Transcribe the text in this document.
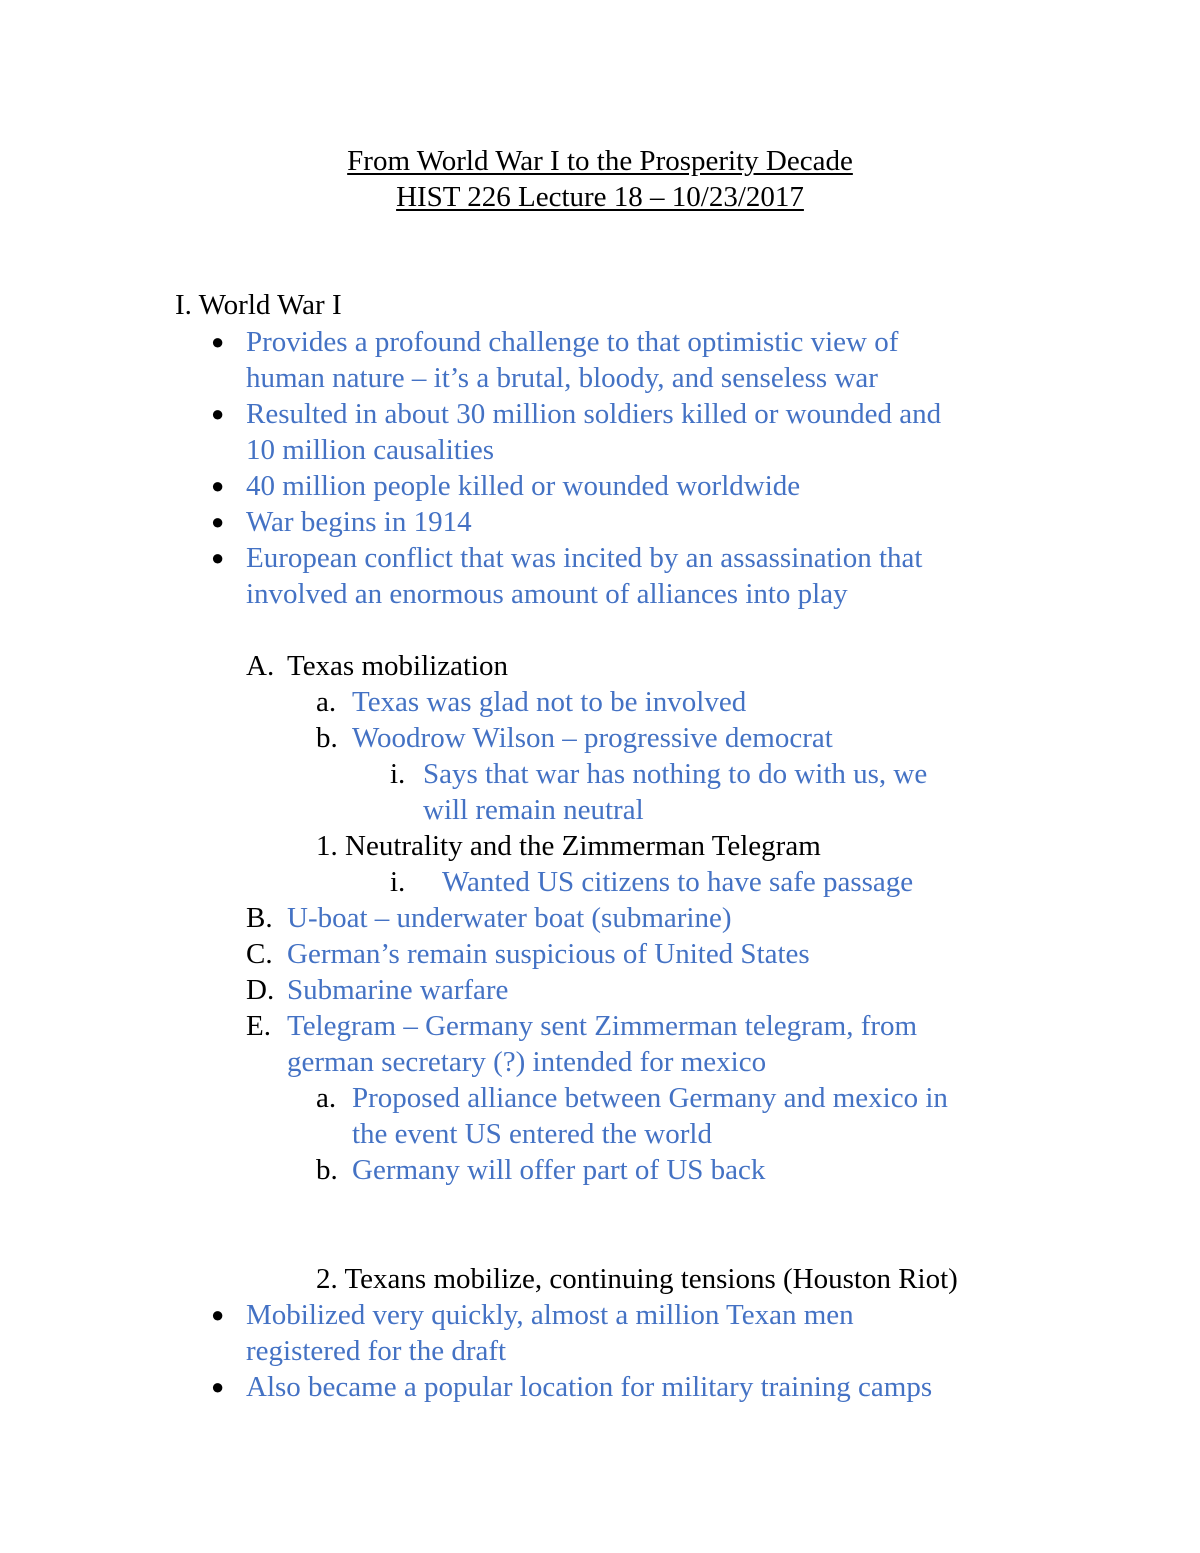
From World War I to the Prosperity Decade
HIST 226 Lecture 18 – 10/23/2017
I. World War I
● Provides a profound challenge to that optimistic view of
human nature – it’s a brutal, bloody, and senseless war
● Resulted in about 30 million soldiers killed or wounded and
10 million causalities
● 40 million people killed or wounded worldwide
● War begins in 1914
● European conflict that was incited by an assassination that
involved an enormous amount of alliances into play
A. Texas mobilization
a. Texas was glad not to be involved
b. Woodrow Wilson – progressive democrat
i. Says that war has nothing to do with us, we
will remain neutral
1. Neutrality and the Zimmerman Telegram
i. Wanted US citizens to have safe passage
B. U-boat – underwater boat (submarine)
C. German’s remain suspicious of United States
D. Submarine warfare
E. Telegram – Germany sent Zimmerman telegram, from
german secretary (?) intended for mexico
a. Proposed alliance between Germany and mexico in
the event US entered the world
b. Germany will offer part of US back
2. Texans mobilize, continuing tensions (Houston Riot)
● Mobilized very quickly, almost a million Texan men
registered for the draft
● Also became a popular location for military training camps
